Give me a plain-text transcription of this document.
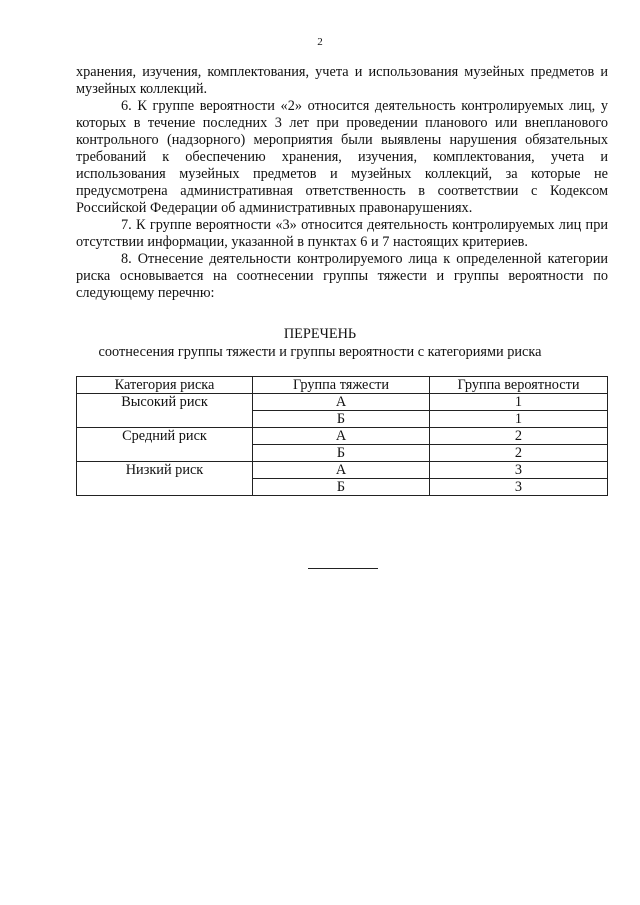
2

хранения, изучения, комплектования, учета и использования музейных предметов и музейных коллекций.

6. К группе вероятности «2» относится деятельность контролируемых лиц, у которых в течение последних 3 лет при проведении планового или внепланового контрольного (надзорного) мероприятия были выявлены нарушения обязательных требований к обеспечению хранения, изучения, комплектования, учета и использования музейных предметов и музейных коллекций, за которые не предусмотрена административная ответственность в соответствии с Кодексом Российской Федерации об административных правонарушениях.

7. К группе вероятности «3» относится деятельность контролируемых лиц при отсутствии информации, указанной в пунктах 6 и 7 настоящих критериев.

8. Отнесение деятельности контролируемого лица к определенной категории риска основывается на соотнесении группы тяжести и группы вероятности по следующему перечню:

ПЕРЕЧЕНЬ
соотнесения группы тяжести и группы вероятности с категориями риска
Категория риска	Группа тяжести	Группа вероятности
Высокий риск	А	1
	Б	1
Средний риск	А	2
	Б	2
Низкий риск	А	3
	Б	3
